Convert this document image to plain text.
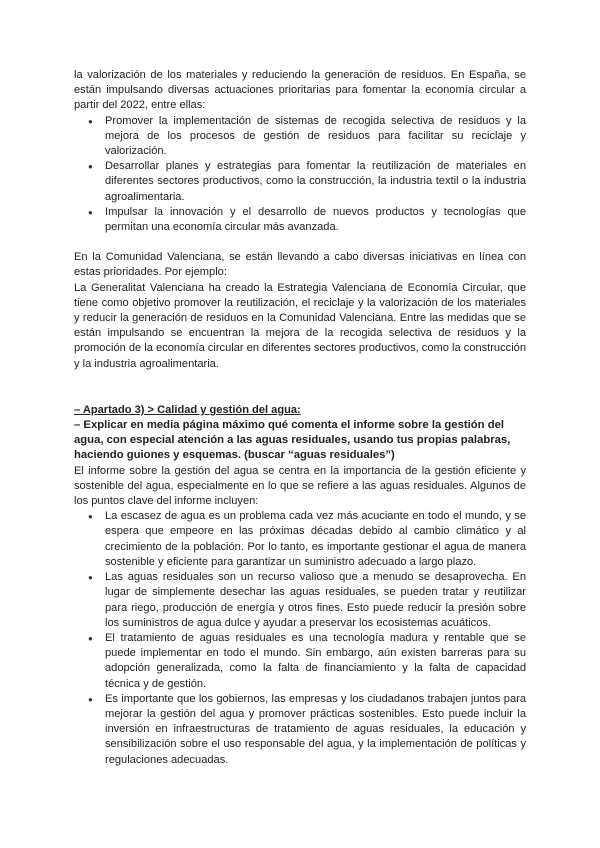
la valorización de los materiales y reduciendo la generación de residuos. En España, se están impulsando diversas actuaciones prioritarias para fomentar la economía circular a partir del 2022, entre ellas:

● Promover la implementación de sistemas de recogida selectiva de residuos y la mejora de los procesos de gestión de residuos para facilitar su reciclaje y valorización.
● Desarrollar planes y estrategias para fomentar la reutilización de materiales en diferentes sectores productivos, como la construcción, la industria textil o la industria agroalimentaria.
● Impulsar la innovación y el desarrollo de nuevos productos y tecnologías que permitan una economía circular más avanzada.

En la Comunidad Valenciana, se están llevando a cabo diversas iniciativas en línea con estas prioridades. Por ejemplo:

La Generalitat Valenciana ha creado la Estrategia Valenciana de Economía Circular, que tiene como objetivo promover la reutilización, el reciclaje y la valorización de los materiales y reducir la generación de residuos en la Comunidad Valenciana. Entre las medidas que se están impulsando se encuentran la mejora de la recogida selectiva de residuos y la promoción de la economía circular en diferentes sectores productivos, como la construcción y la industria agroalimentaria.

– Apartado 3) > Calidad y gestión del agua:

– Explicar en media página máximo qué comenta el informe sobre la gestión del agua, con especial atención a las aguas residuales, usando tus propias palabras, haciendo guiones y esquemas. (buscar “aguas residuales”)

El informe sobre la gestión del agua se centra en la importancia de la gestión eficiente y sostenible del agua, especialmente en lo que se refiere a las aguas residuales. Algunos de los puntos clave del informe incluyen:

● La escasez de agua es un problema cada vez más acuciante en todo el mundo, y se espera que empeore en las próximas décadas debido al cambio climático y al crecimiento de la población. Por lo tanto, es importante gestionar el agua de manera sostenible y eficiente para garantizar un suministro adecuado a largo plazo.
● Las aguas residuales son un recurso valioso que a menudo se desaprovecha. En lugar de simplemente desechar las aguas residuales, se pueden tratar y reutilizar para riego, producción de energía y otros fines. Esto puede reducir la presión sobre los suministros de agua dulce y ayudar a preservar los ecosistemas acuáticos.
● El tratamiento de aguas residuales es una tecnología madura y rentable que se puede implementar en todo el mundo. Sin embargo, aún existen barreras para su adopción generalizada, como la falta de financiamiento y la falta de capacidad técnica y de gestión.
● Es importante que los gobiernos, las empresas y los ciudadanos trabajen juntos para mejorar la gestión del agua y promover prácticas sostenibles. Esto puede incluir la inversión en infraestructuras de tratamiento de aguas residuales, la educación y sensibilización sobre el uso responsable del agua, y la implementación de políticas y regulaciones adecuadas.
